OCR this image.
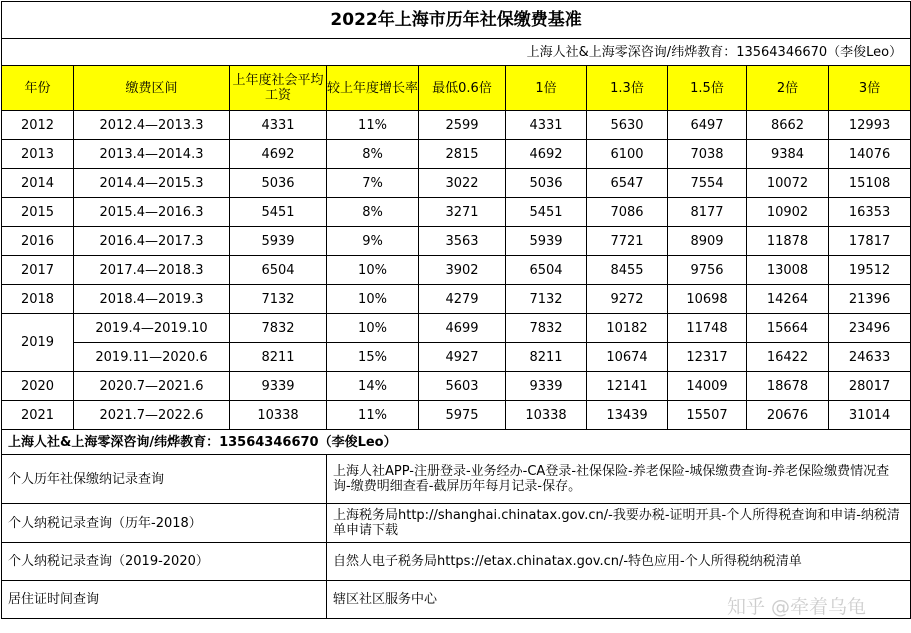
2022年上海市历年社保缴费基准									
上海人社&上海零深咨询/纬烨教育：13564346670（李俊Leo）									
年份	缴费区间	上年度社会平均工资	较上年度增长率	最低0.6倍	1倍	1.3倍	1.5倍	2倍	3倍
2012	2012.4—2013.3	4331	11%	2599	4331	5630	6497	8662	12993
2013	2013.4—2014.3	4692	8%	2815	4692	6100	7038	9384	14076
2014	2014.4—2015.3	5036	7%	3022	5036	6547	7554	10072	15108
2015	2015.4—2016.3	5451	8%	3271	5451	7086	8177	10902	16353
2016	2016.4—2017.3	5939	9%	3563	5939	7721	8909	11878	17817
2017	2017.4—2018.3	6504	10%	3902	6504	8455	9756	13008	19512
2018	2018.4—2019.3	7132	10%	4279	7132	9272	10698	14264	21396
2019	2019.4—2019.10	7832	10%	4699	7832	10182	11748	15664	23496
	2019.11—2020.6	8211	15%	4927	8211	10674	12317	16422	24633
2020	2020.7—2021.6	9339	14%	5603	9339	12141	14009	18678	28017
2021	2021.7—2022.6	10338	11%	5975	10338	13439	15507	20676	31014
上海人社&上海零深咨询/纬烨教育：13564346670（李俊Leo）									
个人历年社保缴纳记录查询			上海人社APP-注册登录-业务经办-CA登录-社保保险-养老保险-城保缴费查询-养老保险缴费情况查询-缴费明细查看-截屏历年每月记录-保存。						
个人纳税记录查询（历年-2018）			上海税务局http://shanghai.chinatax.gov.cn/-我要办税-证明开具-个人所得税查询和申请-纳税清单申请下载						
个人纳税记录查询（2019-2020）			自然人电子税务局https://etax.chinatax.gov.cn/-特色应用-个人所得税纳税清单						
居住证时间查询			辖区社区服务中心							知乎 @牵着乌龟
